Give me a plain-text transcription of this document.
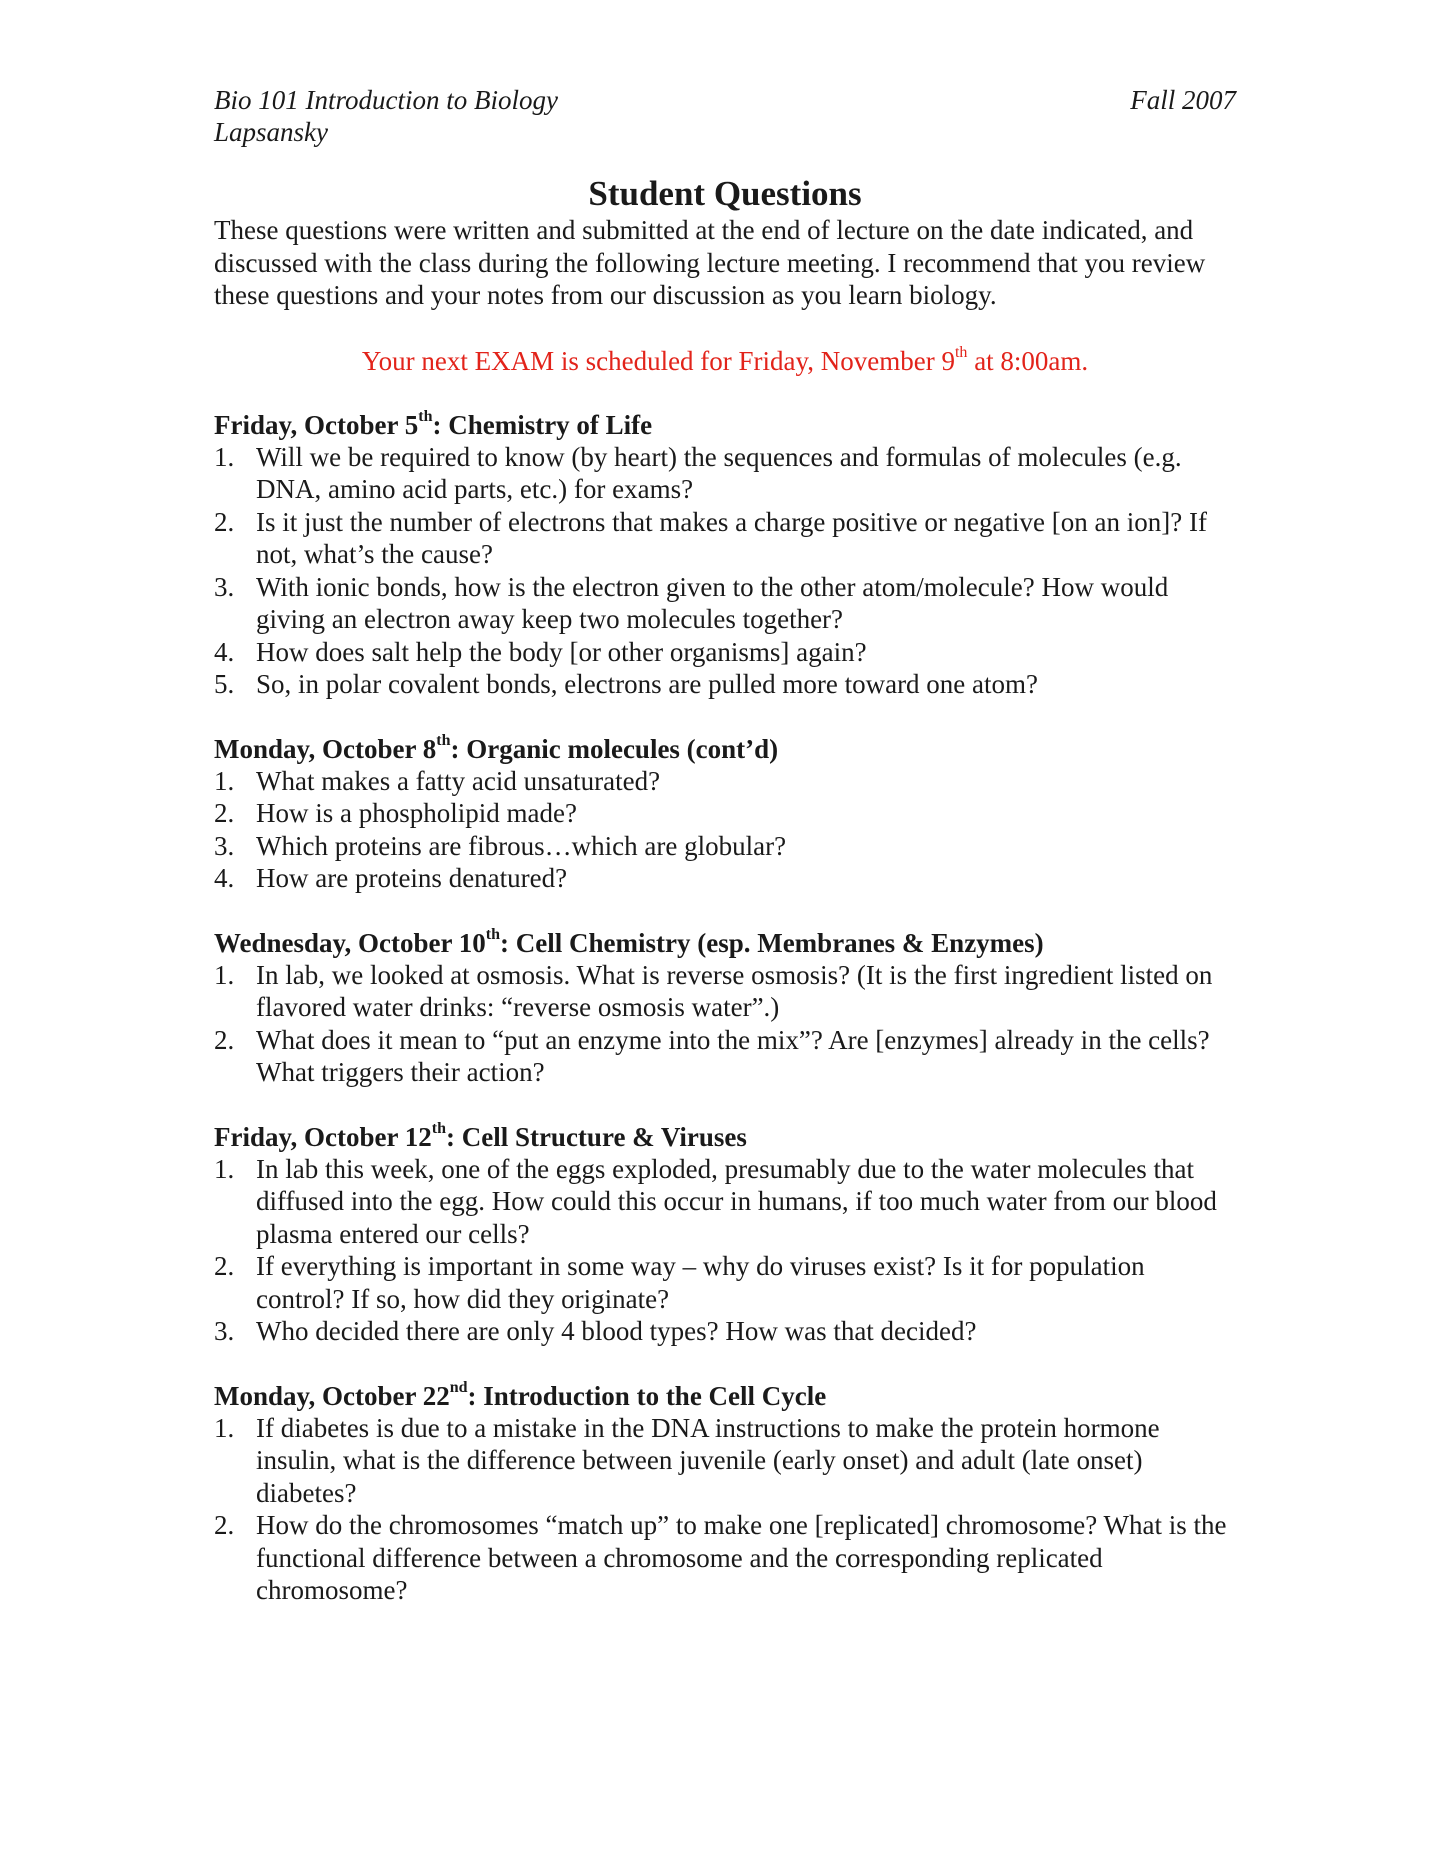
Bio 101 Introduction to Biology	Fall 2007
Lapsansky
Student Questions
These questions were written and submitted at the end of lecture on the date indicated, and discussed with the class during the following lecture meeting. I recommend that you review these questions and your notes from our discussion as you learn biology.
Your next EXAM is scheduled for Friday, November 9th at 8:00am.
Friday, October 5th: Chemistry of Life
1. Will we be required to know (by heart) the sequences and formulas of molecules (e.g. DNA, amino acid parts, etc.) for exams?
2. Is it just the number of electrons that makes a charge positive or negative [on an ion]? If not, what’s the cause?
3. With ionic bonds, how is the electron given to the other atom/molecule? How would giving an electron away keep two molecules together?
4. How does salt help the body [or other organisms] again?
5. So, in polar covalent bonds, electrons are pulled more toward one atom?
Monday, October 8th: Organic molecules (cont’d)
1. What makes a fatty acid unsaturated?
2. How is a phospholipid made?
3. Which proteins are fibrous…which are globular?
4. How are proteins denatured?
Wednesday, October 10th: Cell Chemistry (esp. Membranes & Enzymes)
1. In lab, we looked at osmosis. What is reverse osmosis? (It is the first ingredient listed on flavored water drinks: “reverse osmosis water”.)
2. What does it mean to “put an enzyme into the mix”? Are [enzymes] already in the cells? What triggers their action?
Friday, October 12th: Cell Structure & Viruses
1. In lab this week, one of the eggs exploded, presumably due to the water molecules that diffused into the egg. How could this occur in humans, if too much water from our blood plasma entered our cells?
2. If everything is important in some way – why do viruses exist? Is it for population control? If so, how did they originate?
3. Who decided there are only 4 blood types? How was that decided?
Monday, October 22nd: Introduction to the Cell Cycle
1. If diabetes is due to a mistake in the DNA instructions to make the protein hormone insulin, what is the difference between juvenile (early onset) and adult (late onset) diabetes?
2. How do the chromosomes “match up” to make one [replicated] chromosome? What is the functional difference between a chromosome and the corresponding replicated chromosome?
